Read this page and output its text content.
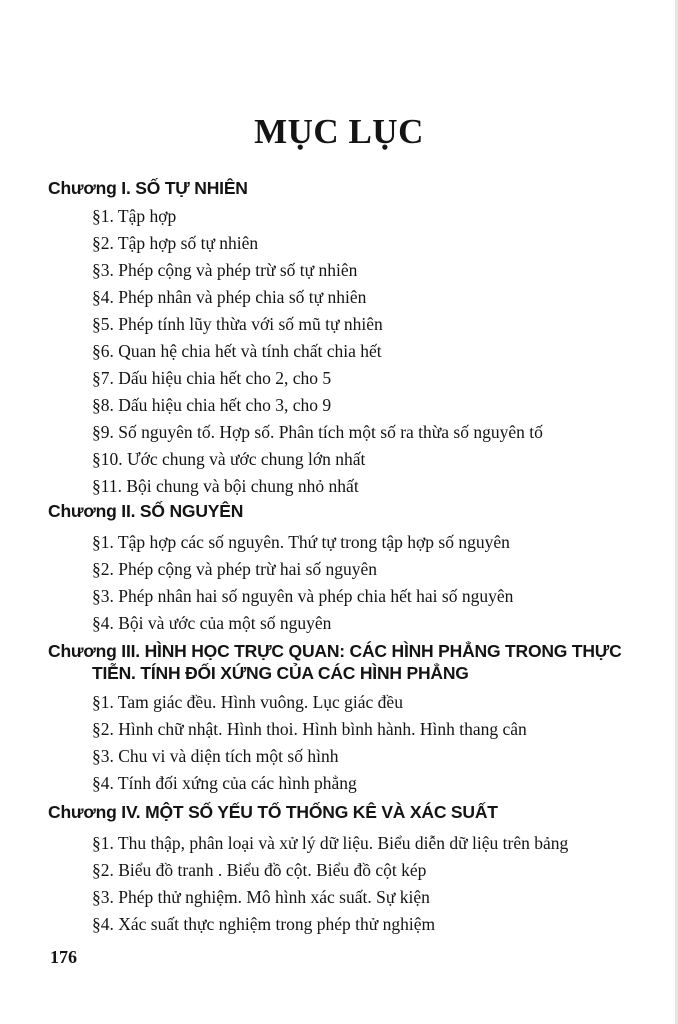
MỤC LỤC
Chương I. SỐ TỰ NHIÊN
§1. Tập hợp
§2. Tập hợp số tự nhiên
§3. Phép cộng và phép trừ số tự nhiên
§4. Phép nhân và phép chia số tự nhiên
§5. Phép tính lũy thừa với số mũ tự nhiên
§6. Quan hệ chia hết và tính chất chia hết
§7. Dấu hiệu chia hết cho 2, cho 5
§8. Dấu hiệu chia hết cho 3, cho 9
§9. Số nguyên tố. Hợp số. Phân tích một số ra thừa số nguyên tố
§10. Ước chung và ước chung lớn nhất
§11. Bội chung và bội chung nhỏ nhất
Chương II. SỐ NGUYÊN
§1. Tập hợp các số nguyên. Thứ tự trong tập hợp số nguyên
§2. Phép cộng và phép trừ hai số nguyên
§3. Phép nhân hai số nguyên và phép chia hết hai số nguyên
§4. Bội và ước của một số nguyên
Chương III. HÌNH HỌC TRỰC QUAN: CÁC HÌNH PHẲNG TRONG THỰC
TIỄN. TÍNH ĐỐI XỨNG CỦA CÁC HÌNH PHẲNG
§1. Tam giác đều. Hình vuông. Lục giác đều
§2. Hình chữ nhật. Hình thoi. Hình bình hành. Hình thang cân
§3. Chu vi và diện tích một số hình
§4. Tính đối xứng của các hình phẳng
Chương IV. MỘT SỐ YẾU TỐ THỐNG KÊ VÀ XÁC SUẤT
§1. Thu thập, phân loại và xử lý dữ liệu. Biểu diễn dữ liệu trên bảng
§2. Biểu đồ tranh . Biểu đồ cột. Biểu đồ cột kép
§3. Phép thử nghiệm. Mô hình xác suất. Sự kiện
§4. Xác suất thực nghiệm trong phép thử nghiệm
176
